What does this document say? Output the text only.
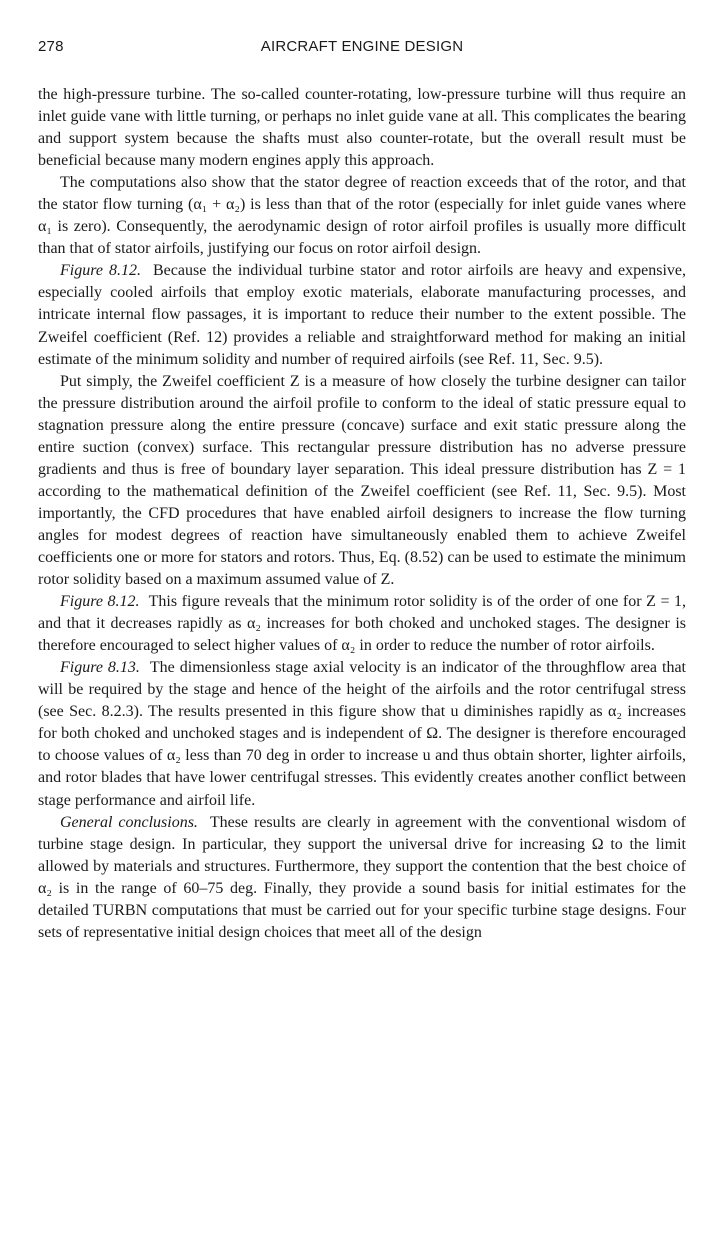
278	AIRCRAFT ENGINE DESIGN

the high-pressure turbine. The so-called counter-rotating, low-pressure turbine will thus require an inlet guide vane with little turning, or perhaps no inlet guide vane at all. This complicates the bearing and support system because the shafts must also counter-rotate, but the overall result must be beneficial because many modern engines apply this approach.

The computations also show that the stator degree of reaction exceeds that of the rotor, and that the stator flow turning (α₁ + α₂) is less than that of the rotor (especially for inlet guide vanes where α₁ is zero). Consequently, the aerodynamic design of rotor airfoil profiles is usually more difficult than that of stator airfoils, justifying our focus on rotor airfoil design.

Figure 8.12. Because the individual turbine stator and rotor airfoils are heavy and expensive, especially cooled airfoils that employ exotic materials, elaborate manufacturing processes, and intricate internal flow passages, it is important to reduce their number to the extent possible. The Zweifel coefficient (Ref. 12) provides a reliable and straightforward method for making an initial estimate of the minimum solidity and number of required airfoils (see Ref. 11, Sec. 9.5).

Put simply, the Zweifel coefficient Z is a measure of how closely the turbine designer can tailor the pressure distribution around the airfoil profile to conform to the ideal of static pressure equal to stagnation pressure along the entire pressure (concave) surface and exit static pressure along the entire suction (convex) surface. This rectangular pressure distribution has no adverse pressure gradients and thus is free of boundary layer separation. This ideal pressure distribution has Z = 1 according to the mathematical definition of the Zweifel coefficient (see Ref. 11, Sec. 9.5). Most importantly, the CFD procedures that have enabled airfoil designers to increase the flow turning angles for modest degrees of reaction have simultaneously enabled them to achieve Zweifel coefficients one or more for stators and rotors. Thus, Eq. (8.52) can be used to estimate the minimum rotor solidity based on a maximum assumed value of Z.

Figure 8.12. This figure reveals that the minimum rotor solidity is of the order of one for Z = 1, and that it decreases rapidly as α₂ increases for both choked and unchoked stages. The designer is therefore encouraged to select higher values of α₂ in order to reduce the number of rotor airfoils.

Figure 8.13. The dimensionless stage axial velocity is an indicator of the throughflow area that will be required by the stage and hence of the height of the airfoils and the rotor centrifugal stress (see Sec. 8.2.3). The results presented in this figure show that u diminishes rapidly as α₂ increases for both choked and unchoked stages and is independent of Ω. The designer is therefore encouraged to choose values of α₂ less than 70 deg in order to increase u and thus obtain shorter, lighter airfoils, and rotor blades that have lower centrifugal stresses. This evidently creates another conflict between stage performance and airfoil life.

General conclusions. These results are clearly in agreement with the conventional wisdom of turbine stage design. In particular, they support the universal drive for increasing Ω to the limit allowed by materials and structures. Furthermore, they support the contention that the best choice of α₂ is in the range of 60–75 deg. Finally, they provide a sound basis for initial estimates for the detailed TURBN computations that must be carried out for your specific turbine stage designs. Four sets of representative initial design choices that meet all of the design
